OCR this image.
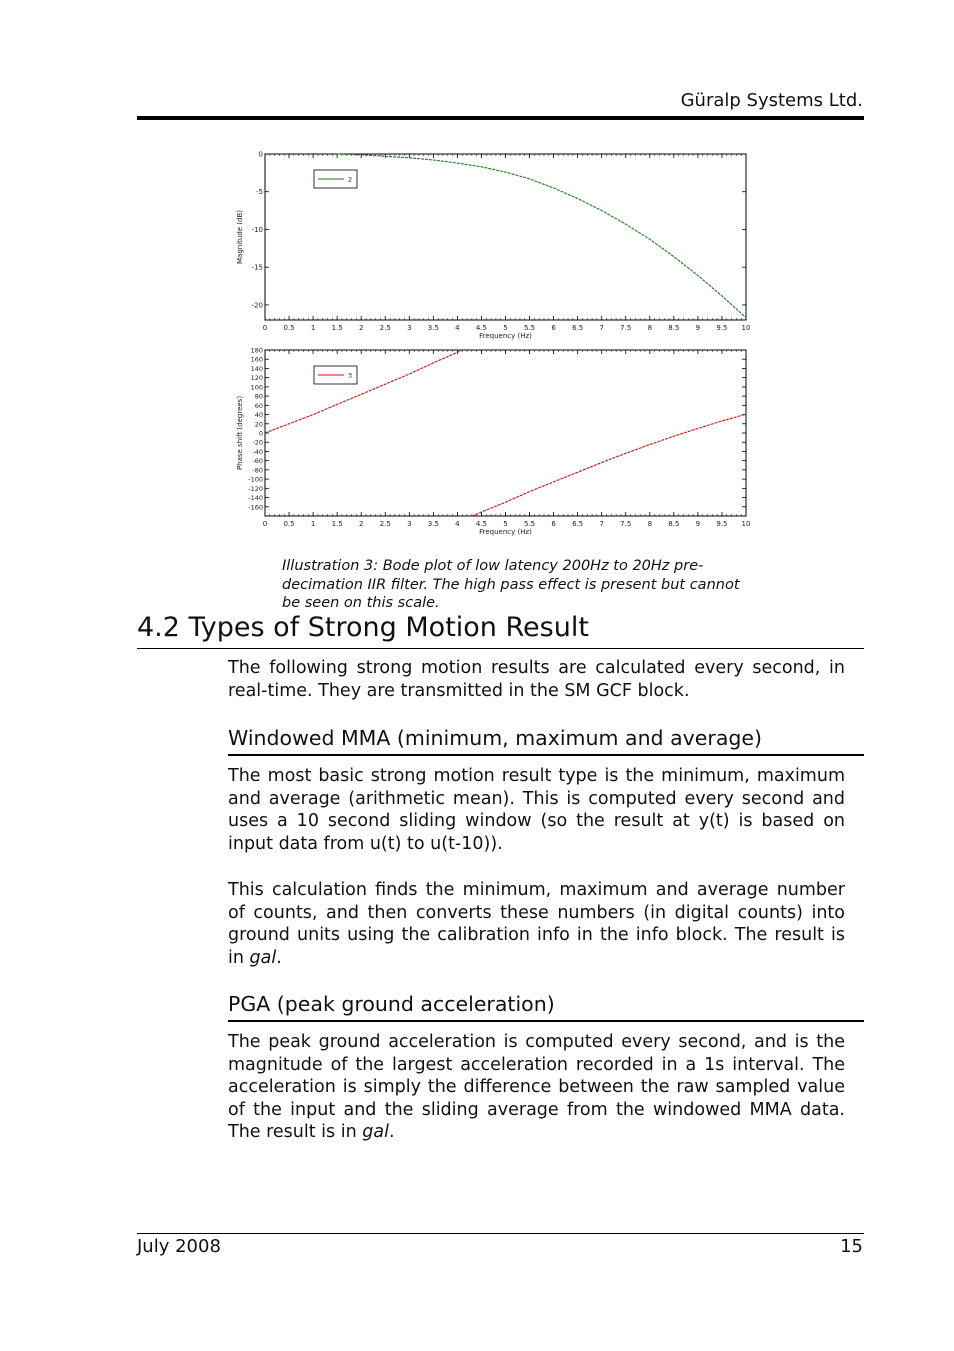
Güralp Systems Ltd.
0 0.5 1 1.5 2 2.5 3 3.5 4 4.5 5 5.5 6 6.5 7 7.5 8 8.5 9 9.5 10
0
-5
-10
-15
-20
Frequency (Hz)
Magnitude (dB)
2
0 0.5 1 1.5 2 2.5 3 3.5 4 4.5 5 5.5 6 6.5 7 7.5 8 8.5 9 9.5 10
180
160
140
120
100
80
60
40
20
0
-20
-40
-60
-80
-100
-120
-140
-160
Frequency (Hz)
Phase shift (degrees)
3
Illustration 3: Bode plot of low latency 200Hz to 20Hz pre-
decimation IIR filter. The high pass effect is present but cannot
be seen on this scale.
4.2 Types of Strong Motion Result
The following strong motion results are calculated every second, in real-time. They are transmitted in the SM GCF block.
Windowed MMA (minimum, maximum and average)
The most basic strong motion result type is the minimum, maximum and average (arithmetic mean). This is computed every second and uses a 10 second sliding window (so the result at y(t) is based on input data from u(t) to u(t-10)).
This calculation finds the minimum, maximum and average number of counts, and then converts these numbers (in digital counts) into ground units using the calibration info in the info block. The result is in gal.
PGA (peak ground acceleration)
The peak ground acceleration is computed every second, and is the magnitude of the largest acceleration recorded in a 1s interval. The acceleration is simply the difference between the raw sampled value of the input and the sliding average from the windowed MMA data. The result is in gal.
July 2008	15
